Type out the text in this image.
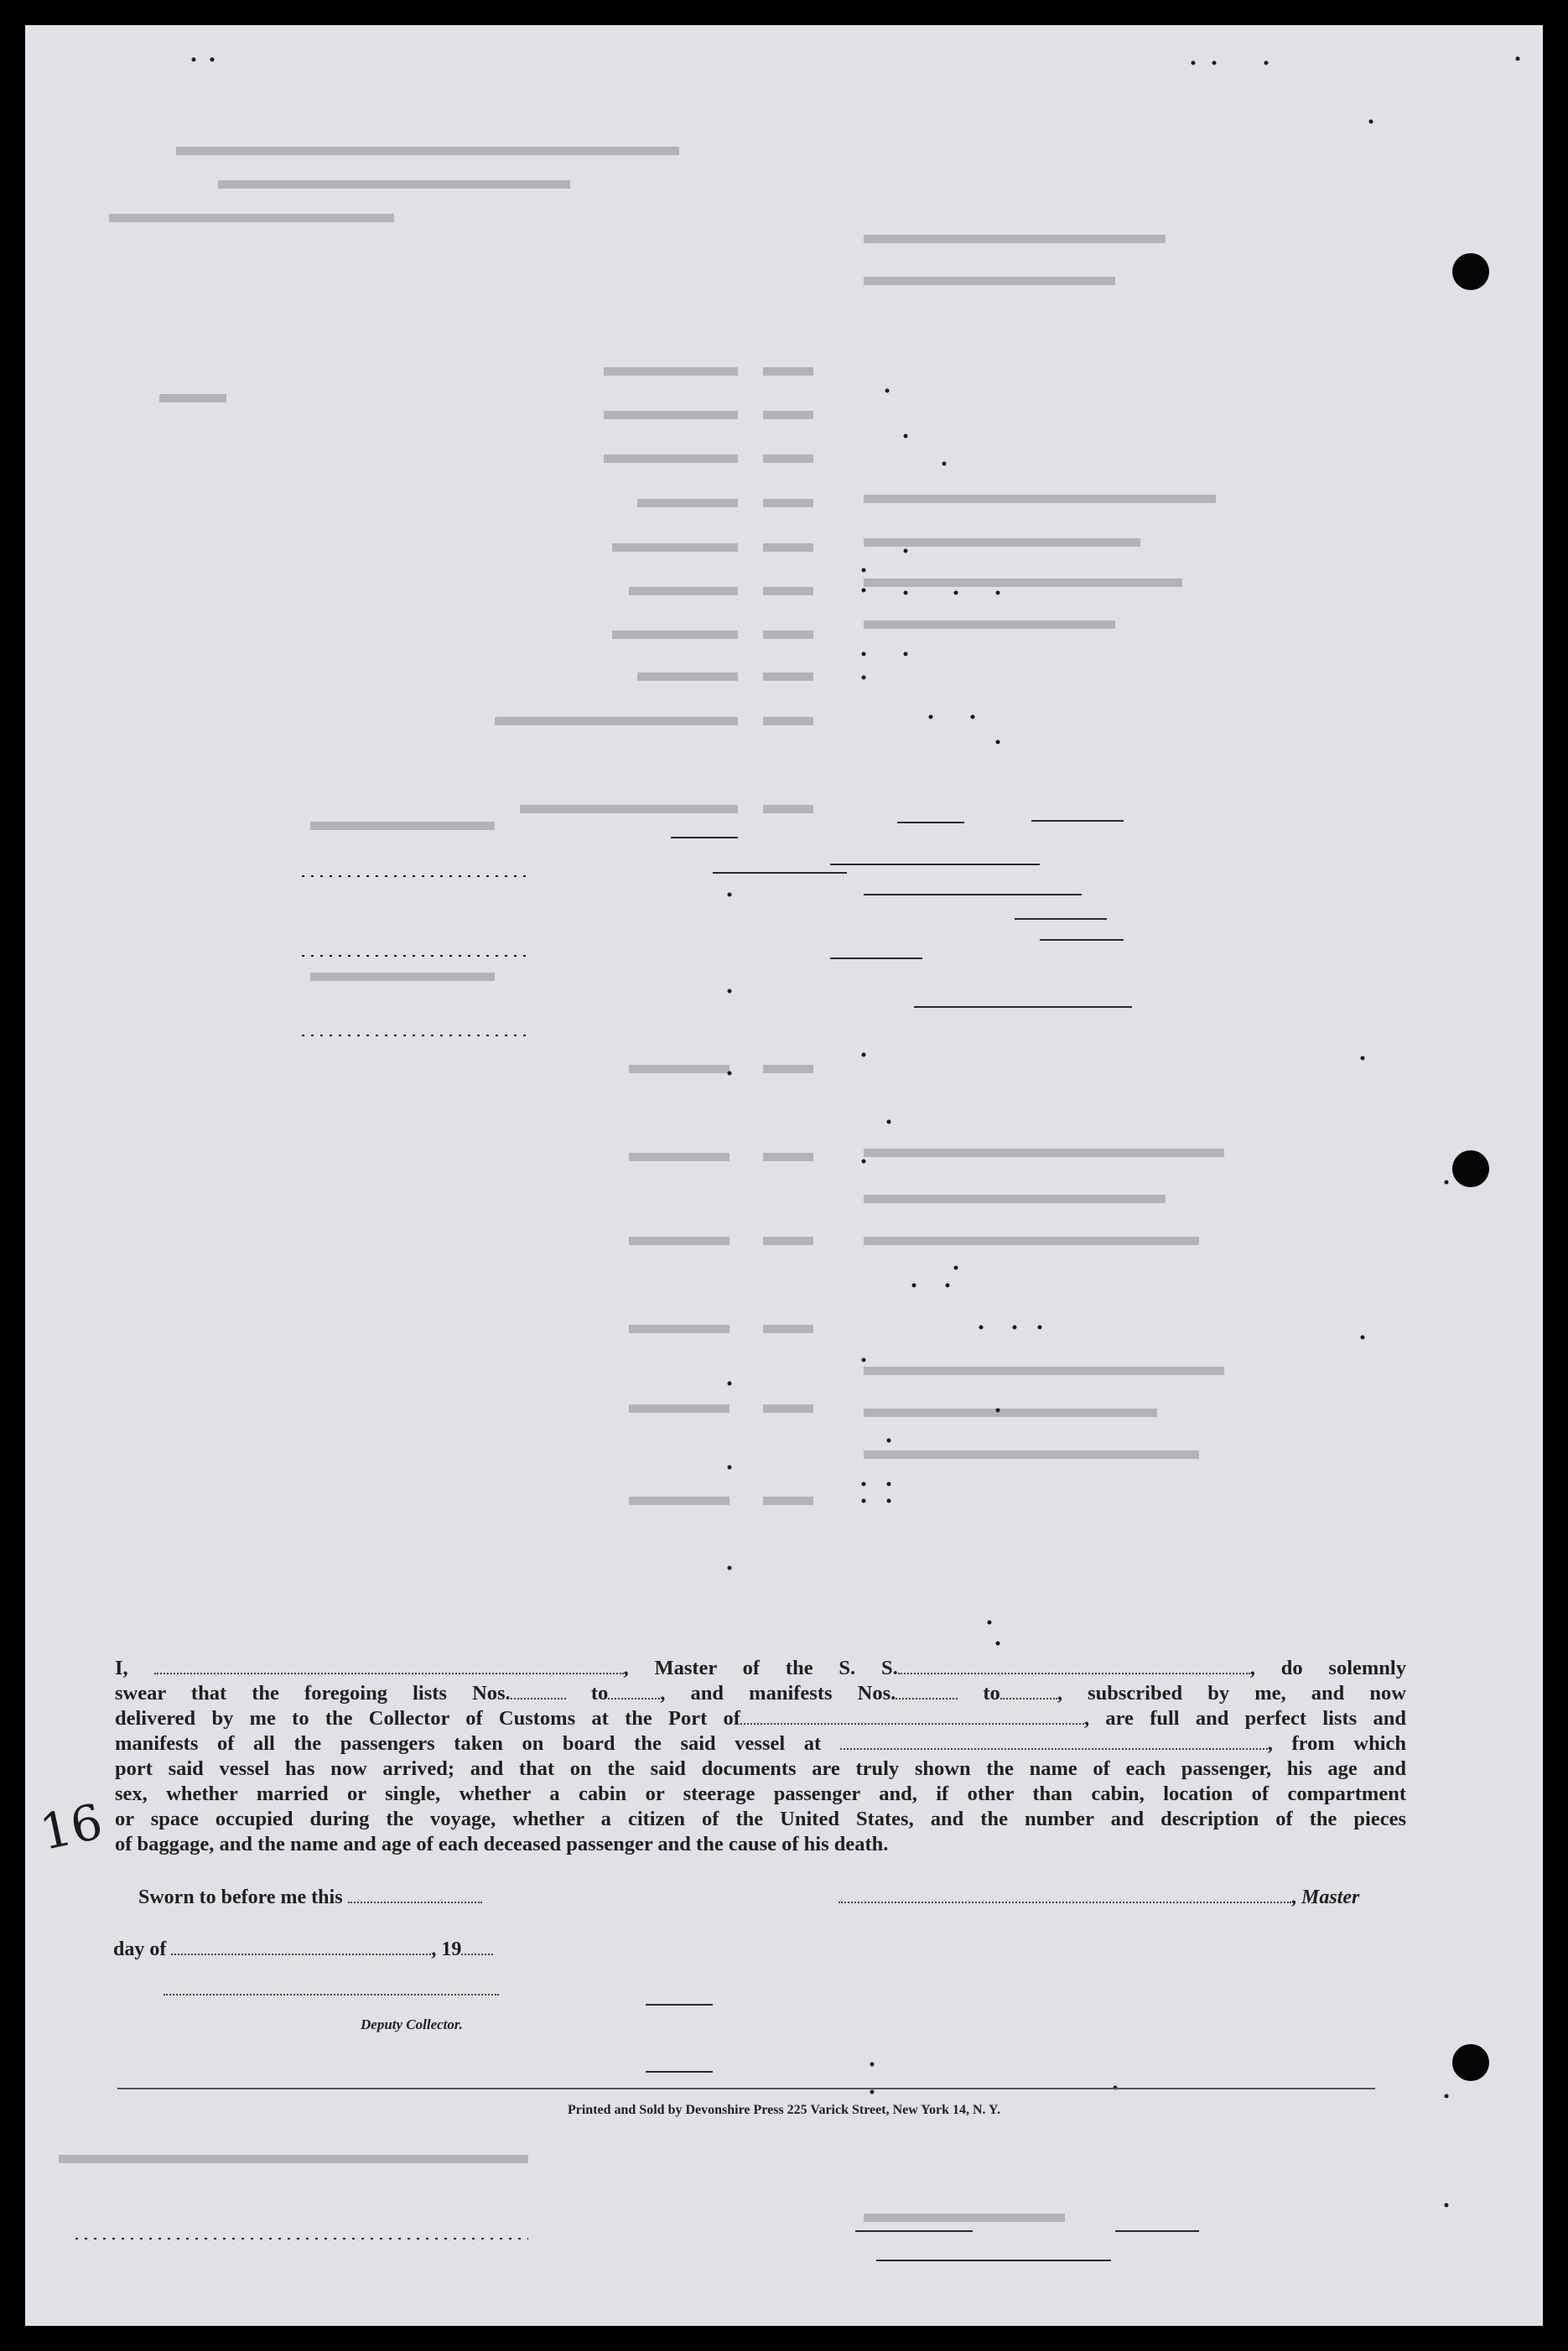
16
I,	, Master of the S. S.	, do solemnly
swear that the foregoing lists Nos.	to	, and manifests Nos.	to	, subscribed by me, and now
delivered by me to the Collector of Customs at the Port of	, are full and perfect lists and
manifests of all the passengers taken on board the said vessel at	, from which
port said vessel has now arrived; and that on the said documents are truly shown the name of each passenger, his age and
sex, whether married or single, whether a cabin or steerage passenger and, if other than cabin, location of compartment
or space occupied during the voyage, whether a citizen of the United States, and the number and description of the pieces
of baggage, and the name and age of each deceased passenger and the cause of his death.
Sworn to before me this	, Master
day of	, 19
Deputy Collector.
Printed and Sold by Devonshire Press 225 Varick Street, New York 14, N. Y.
